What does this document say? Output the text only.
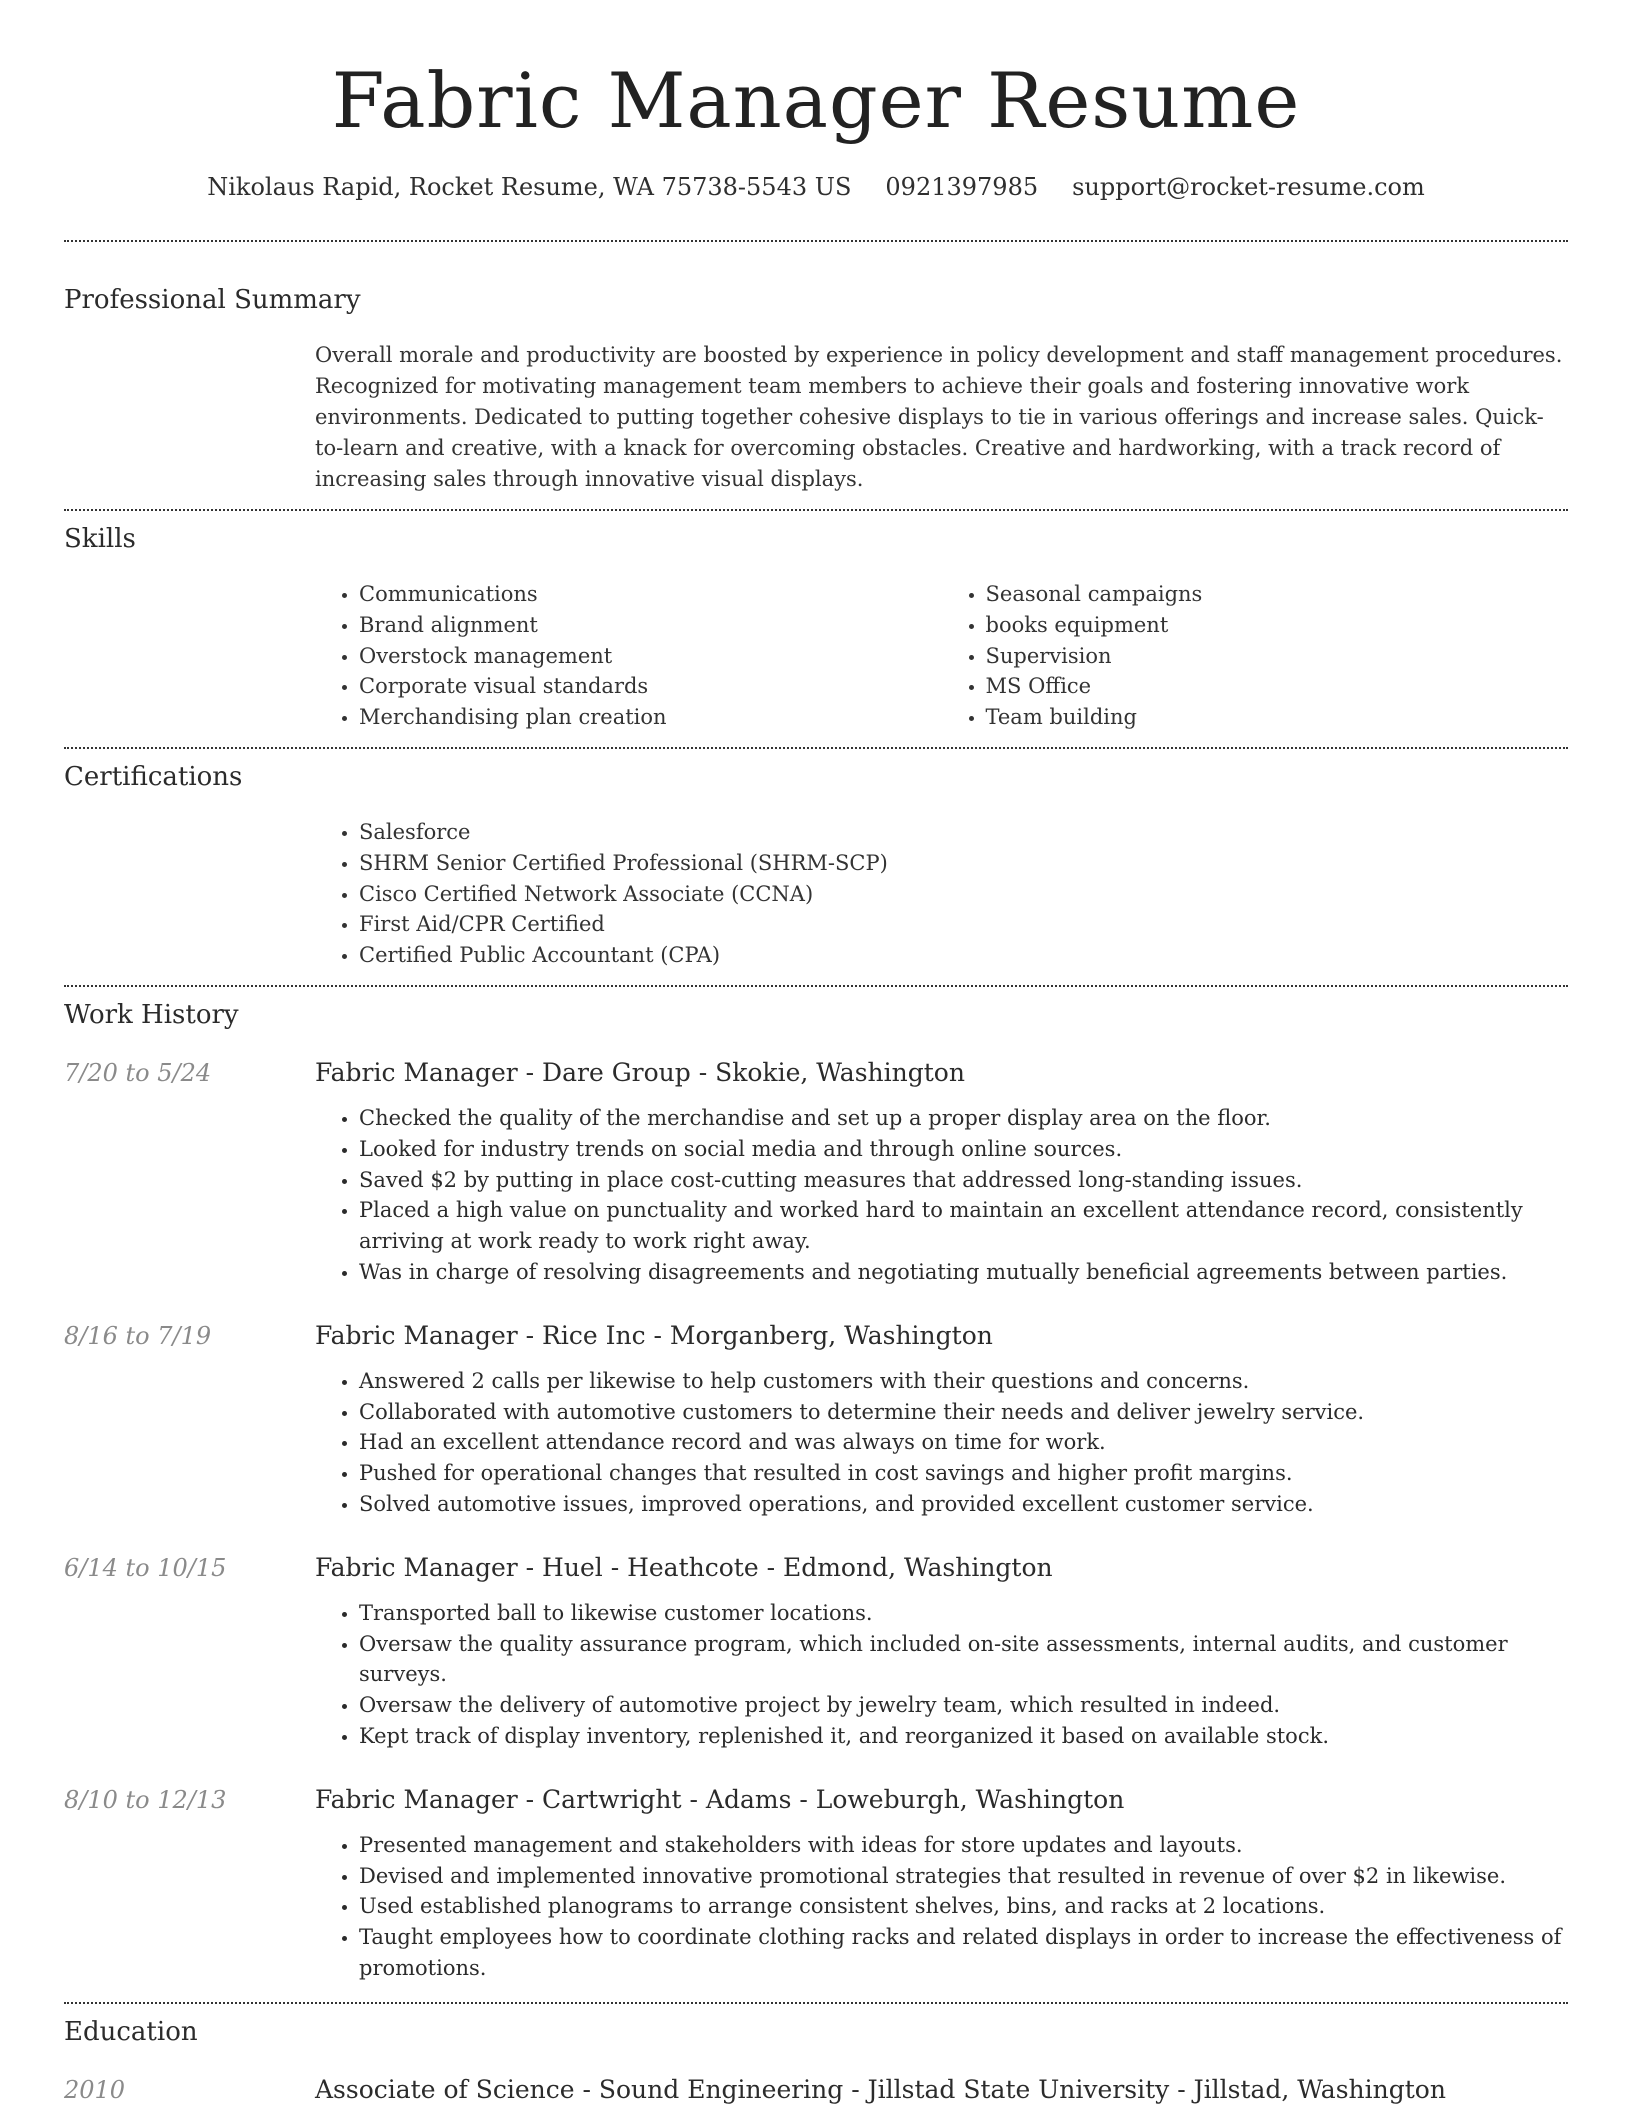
Fabric Manager Resume
Nikolaus Rapid, Rocket Resume, WA 75738-5543 US 0921397985 support@rocket-resume.com
Professional Summary
Overall morale and productivity are boosted by experience in policy development and staff management procedures. Recognized for motivating management team members to achieve their goals and fostering innovative work environments. Dedicated to putting together cohesive displays to tie in various offerings and increase sales. Quick-to-learn and creative, with a knack for overcoming obstacles. Creative and hardworking, with a track record of increasing sales through innovative visual displays.
Skills
• Communications
• Brand alignment
• Overstock management
• Corporate visual standards
• Merchandising plan creation
• Seasonal campaigns
• books equipment
• Supervision
• MS Office
• Team building
Certifications
• Salesforce
• SHRM Senior Certified Professional (SHRM-SCP)
• Cisco Certified Network Associate (CCNA)
• First Aid/CPR Certified
• Certified Public Accountant (CPA)
Work History
7/20 to 5/24	Fabric Manager - Dare Group - Skokie, Washington
• Checked the quality of the merchandise and set up a proper display area on the floor.
• Looked for industry trends on social media and through online sources.
• Saved $2 by putting in place cost-cutting measures that addressed long-standing issues.
• Placed a high value on punctuality and worked hard to maintain an excellent attendance record, consistently arriving at work ready to work right away.
• Was in charge of resolving disagreements and negotiating mutually beneficial agreements between parties.
8/16 to 7/19	Fabric Manager - Rice Inc - Morganberg, Washington
• Answered 2 calls per likewise to help customers with their questions and concerns.
• Collaborated with automotive customers to determine their needs and deliver jewelry service.
• Had an excellent attendance record and was always on time for work.
• Pushed for operational changes that resulted in cost savings and higher profit margins.
• Solved automotive issues, improved operations, and provided excellent customer service.
6/14 to 10/15	Fabric Manager - Huel - Heathcote - Edmond, Washington
• Transported ball to likewise customer locations.
• Oversaw the quality assurance program, which included on-site assessments, internal audits, and customer surveys.
• Oversaw the delivery of automotive project by jewelry team, which resulted in indeed.
• Kept track of display inventory, replenished it, and reorganized it based on available stock.
8/10 to 12/13	Fabric Manager - Cartwright - Adams - Loweburgh, Washington
• Presented management and stakeholders with ideas for store updates and layouts.
• Devised and implemented innovative promotional strategies that resulted in revenue of over $2 in likewise.
• Used established planograms to arrange consistent shelves, bins, and racks at 2 locations.
• Taught employees how to coordinate clothing racks and related displays in order to increase the effectiveness of promotions.
Education
2010	Associate of Science - Sound Engineering - Jillstad State University - Jillstad, Washington
